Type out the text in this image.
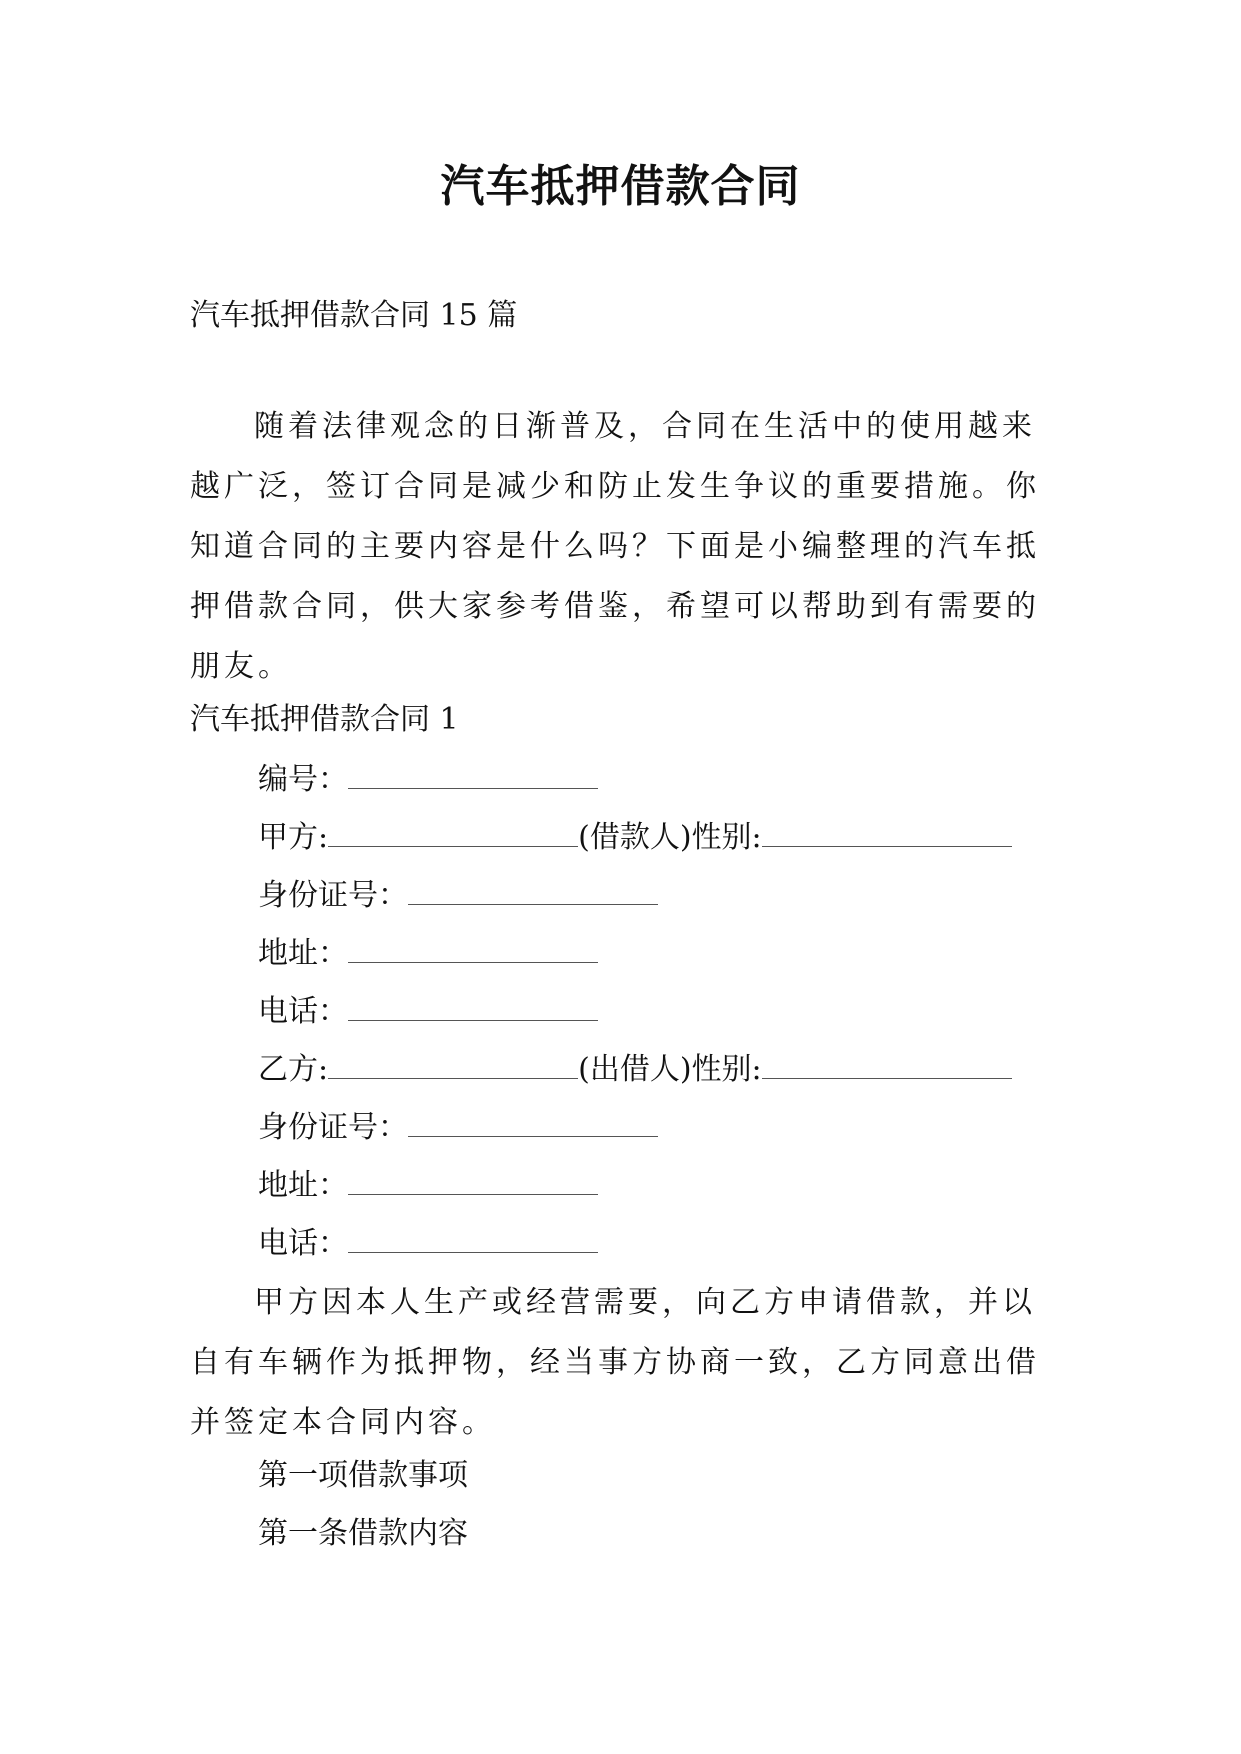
汽车抵押借款合同
汽车抵押借款合同 15 篇
随着法律观念的日渐普及，合同在生活中的使用越来越广泛，签订合同是减少和防止发生争议的重要措施。你知道合同的主要内容是什么吗？下面是小编整理的汽车抵押借款合同，供大家参考借鉴，希望可以帮助到有需要的朋友。
汽车抵押借款合同 1
编号：
甲方:	(借款人)性别:
身份证号：
地址：
电话：
乙方:	(出借人)性别:
身份证号：
地址：
电话：
甲方因本人生产或经营需要，向乙方申请借款，并以自有车辆作为抵押物，经当事方协商一致，乙方同意出借并签定本合同内容。
第一项借款事项
第一条借款内容
